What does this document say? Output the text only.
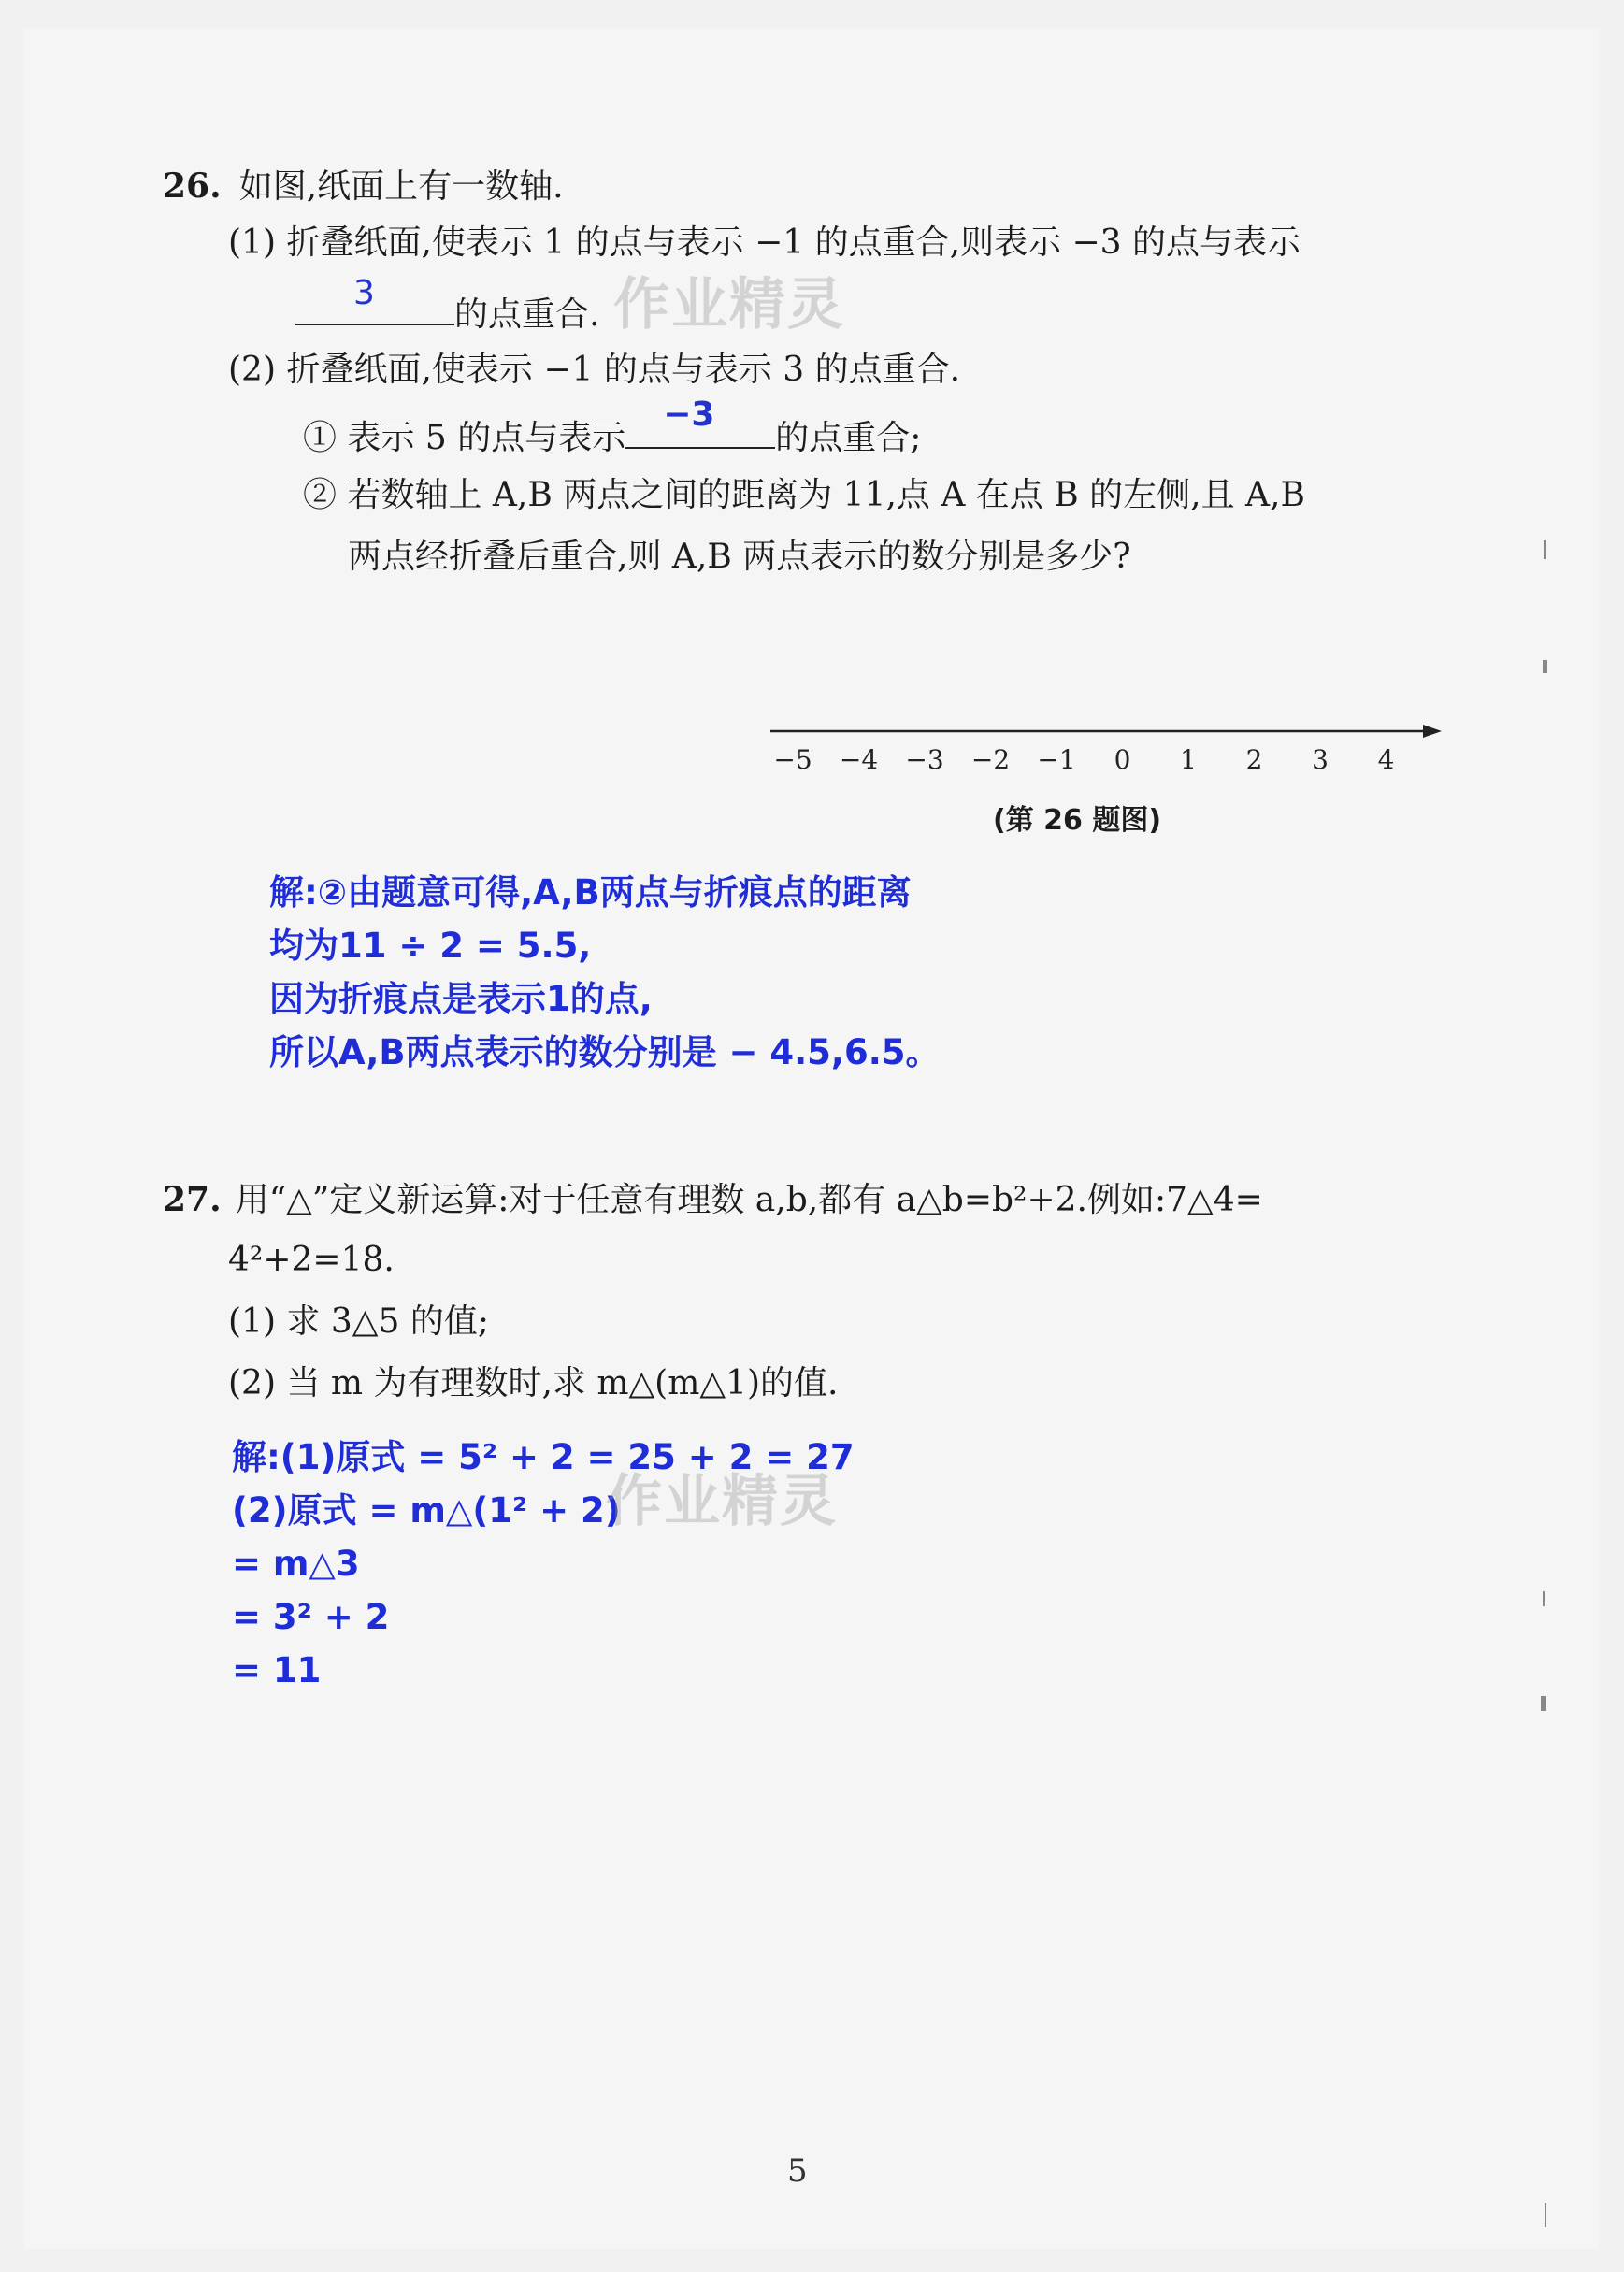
26. 如图,纸面上有一数轴.
(1) 折叠纸面,使表示 1 的点与表示 −1 的点重合,则表示 −3 的点与表示
3
的点重合.
(2) 折叠纸面,使表示 −1 的点与表示 3 的点重合.
① 表示 5 的点与表示
−3
的点重合;
② 若数轴上 A,B 两点之间的距离为 11,点 A 在点 B 的左侧,且 A,B
两点经折叠后重合,则 A,B 两点表示的数分别是多少?
−5 −4 −3 −2 −1 0 1 2 3 4
(第 26 题图)
解:②由题意可得,A,B两点与折痕点的距离
均为11 ÷ 2 = 5.5,
因为折痕点是表示1的点,
所以A,B两点表示的数分别是 − 4.5,6.5。
27. 用“△”定义新运算:对于任意有理数 a,b,都有 a△b=b²+2.例如:7△4=
4²+2=18.
(1) 求 3△5 的值;
(2) 当 m 为有理数时,求 m△(m△1)的值.
解:(1)原式 = 5² + 2 = 25 + 2 = 27
(2)原式 = m△(1² + 2)
= m△3
= 3² + 2
= 11
作业精灵
作业精灵
5
